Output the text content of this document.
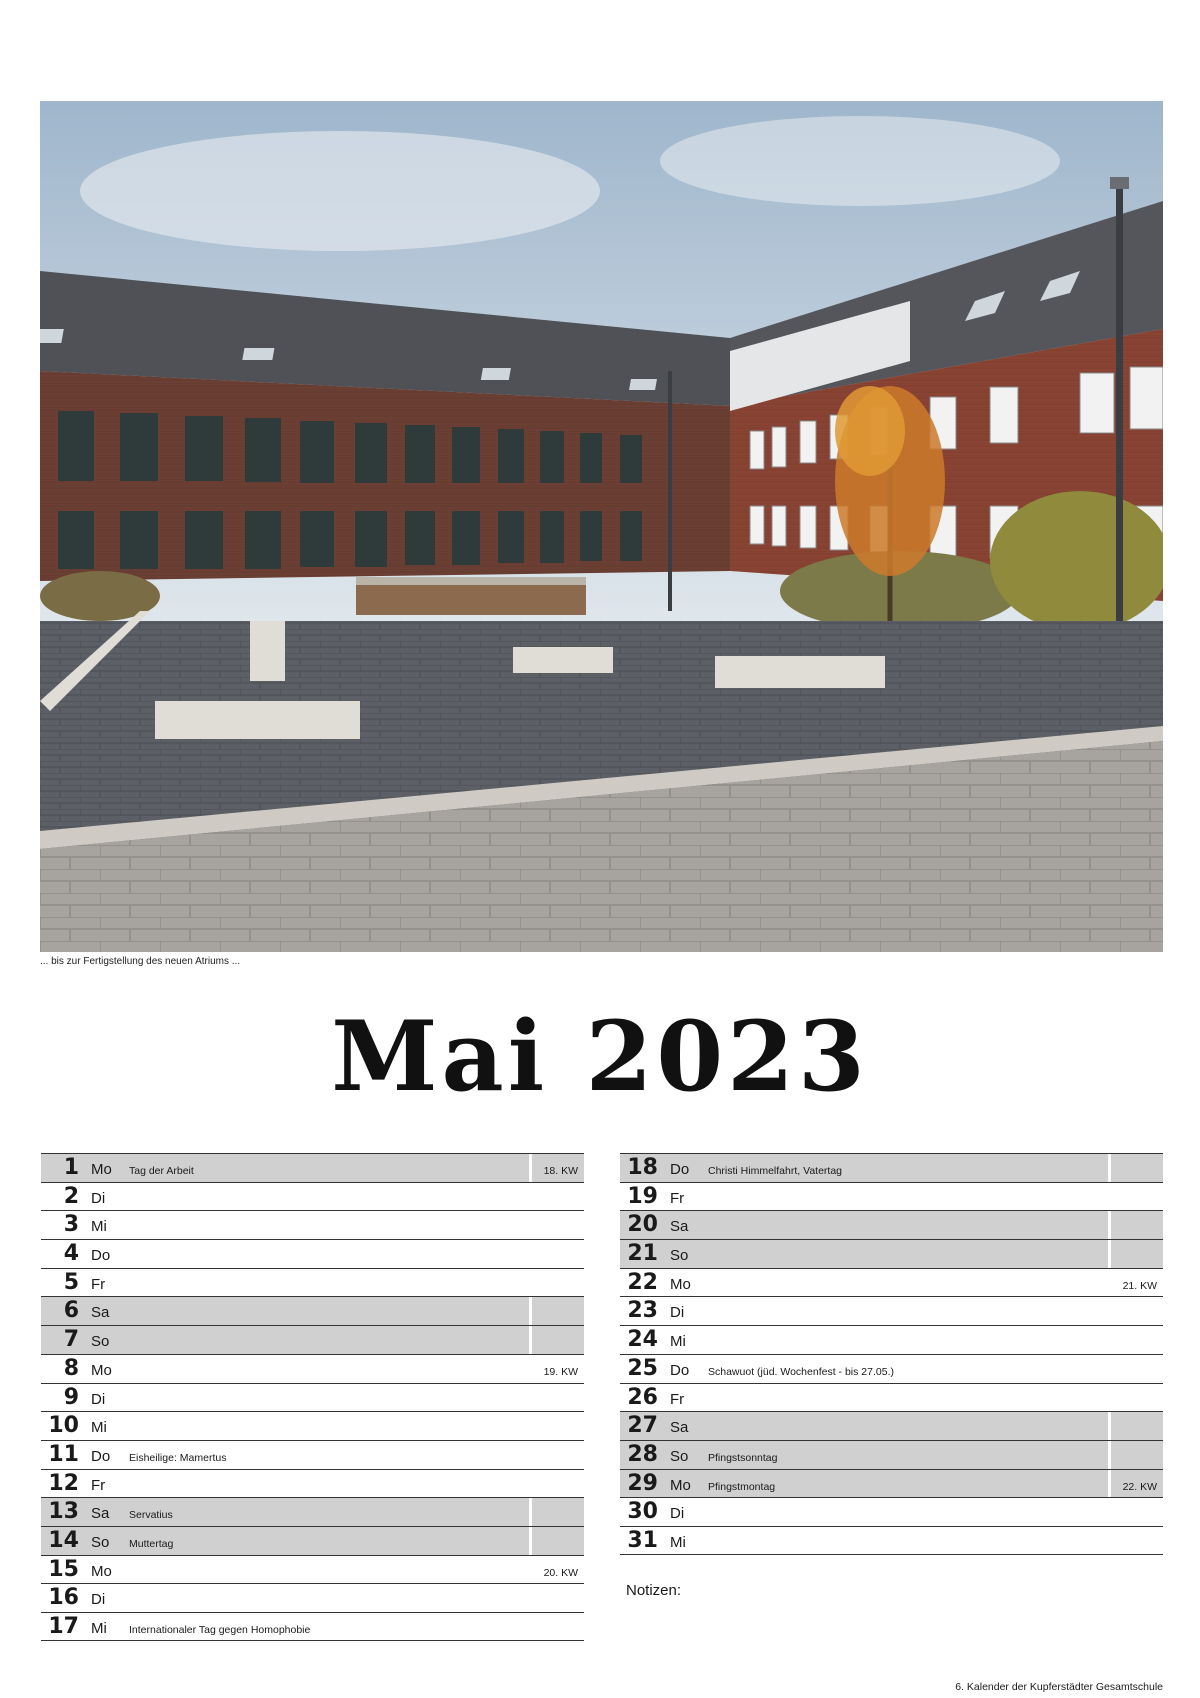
... bis zur Fertigstellung des neuen Atriums ...
Mai 2023
1 Mo Tag der Arbeit	18. KW
2 Di
3 Mi
4 Do
5 Fr
6 Sa
7 So
8 Mo	19. KW
9 Di
10 Mi
11 Do Eisheilige: Mamertus
12 Fr
13 Sa Servatius
14 So Muttertag
15 Mo	20. KW
16 Di
17 Mi Internationaler Tag gegen Homophobie
18 Do Christi Himmelfahrt, Vatertag
19 Fr
20 Sa
21 So
22 Mo	21. KW
23 Di
24 Mi
25 Do Schawuot (jüd. Wochenfest - bis 27.05.)
26 Fr
27 Sa
28 So Pfingstsonntag
29 Mo Pfingstmontag	22. KW
30 Di
31 Mi
Notizen:
6. Kalender der Kupferstädter Gesamtschule
